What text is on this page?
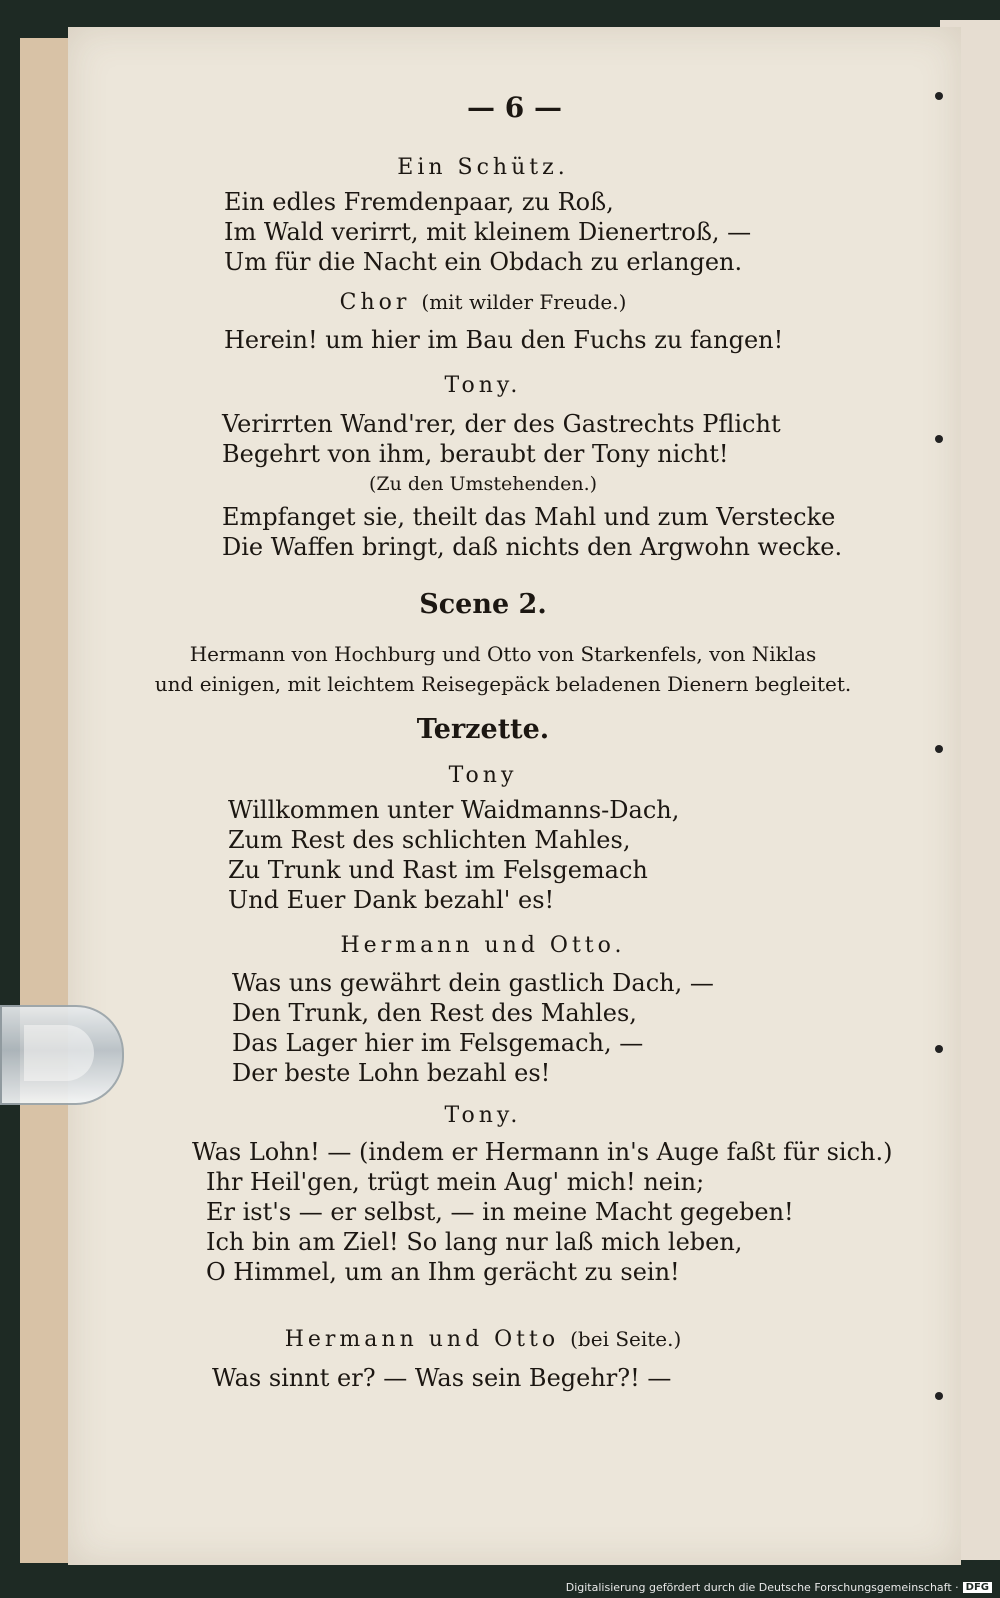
— 6 —
Ein Schütz.
Ein edles Fremdenpaar, zu Roß,
Im Wald verirrt, mit kleinem Dienertroß, —
Um für die Nacht ein Obdach zu erlangen.
Chor (mit wilder Freude.)
Herein! um hier im Bau den Fuchs zu fangen!
Tony.
Verirrten Wand'rer, der des Gastrechts Pflicht
Begehrt von ihm, beraubt der Tony nicht!
(Zu den Umstehenden.)
Empfanget sie, theilt das Mahl und zum Verstecke
Die Waffen bringt, daß nichts den Argwohn wecke.
Scene 2.
Hermann von Hochburg und Otto von Starkenfels, von Niklas
und einigen, mit leichtem Reisegepäck beladenen Dienern begleitet.
Terzette.
Tony
Willkommen unter Waidmanns-Dach,
Zum Rest des schlichten Mahles,
Zu Trunk und Rast im Felsgemach
Und Euer Dank bezahl' es!
Hermann und Otto.
Was uns gewährt dein gastlich Dach, —
Den Trunk, den Rest des Mahles,
Das Lager hier im Felsgemach, —
Der beste Lohn bezahl es!
Tony.
Was Lohn! — (indem er Hermann in's Auge faßt für sich.)
Ihr Heil'gen, trügt mein Aug' mich! nein;
Er ist's — er selbst, — in meine Macht gegeben!
Ich bin am Ziel! So lang nur laß mich leben,
O Himmel, um an Ihm gerächt zu sein!
Hermann und Otto (bei Seite.)
Was sinnt er? — Was sein Begehr?! —
Digitalisierung gefördert durch die Deutsche Forschungsgemeinschaft · DFG
